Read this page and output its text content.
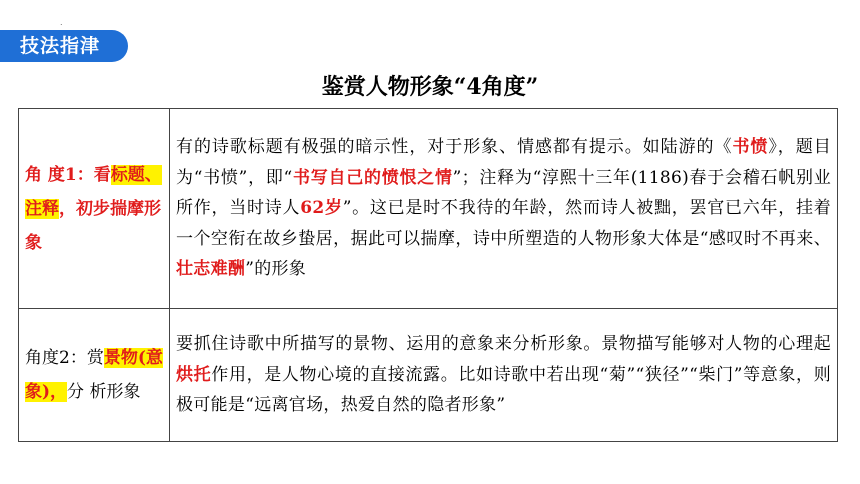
.
技法指津
鉴赏人物形象“4角度”
角 度1：看标题、注释，初步揣摩形象	有的诗歌标题有极强的暗示性，对于形象、情感都有提示。如陆游的《书愤》，题目为“书愤”，即“书写自己的愤恨之情”；注释为“淳熙十三年(1186)春于会稽石帆别业所作，当时诗人62岁”。这已是时不我待的年龄，然而诗人被黜，罢官已六年，挂着一个空衔在故乡蛰居，据此可以揣摩，诗中所塑造的人物形象大体是“感叹时不再来、壮志难酬”的形象

角度2：赏景物(意象)，分 析形象	要抓住诗歌中所描写的景物、运用的意象来分析形象。景物描写能够对人物的心理起烘托作用，是人物心境的直接流露。比如诗歌中若出现“菊”“狭径”“柴门”等意象，则极可能是“远离官场，热爱自然的隐者形象”
